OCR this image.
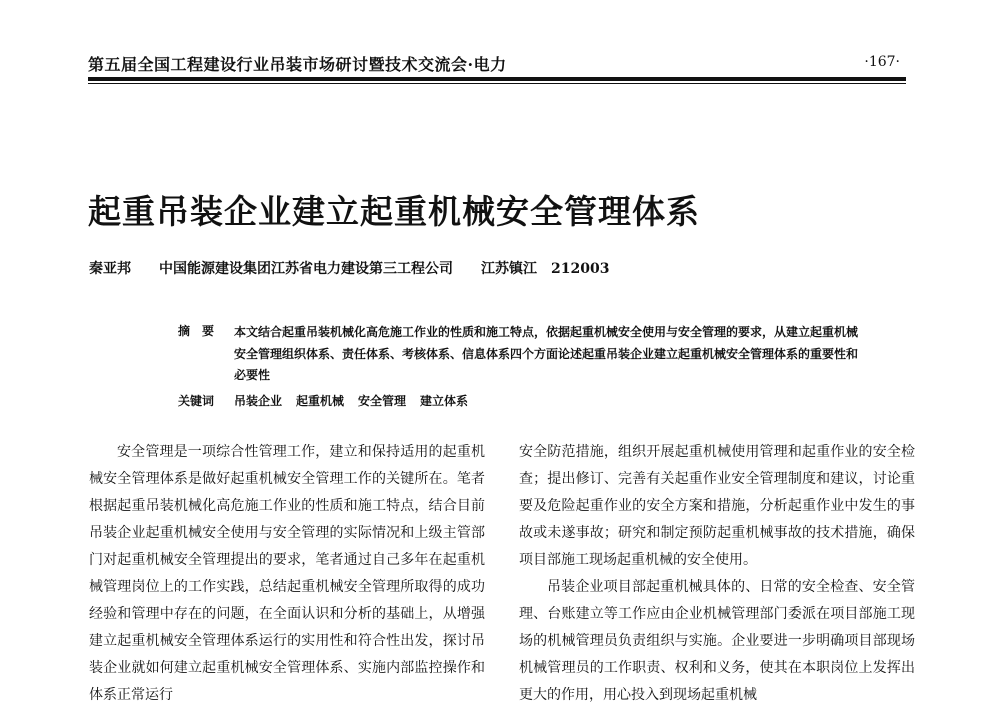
第五届全国工程建设行业吊装市场研讨暨技术交流会·电力	·167·
起重吊装企业建立起重机械安全管理体系
秦亚邦 中国能源建设集团江苏省电力建设第三工程公司 江苏镇江 212003
摘　要	本文结合起重吊装机械化高危施工作业的性质和施工特点，依据起重机械安全使用与安全管理的要求，从建立起重机械安全管理组织体系、责任体系、考核体系、信息体系四个方面论述起重吊装企业建立起重机械安全管理体系的重要性和必要性
关键词 吊装企业 起重机械 安全管理 建立体系

安全管理是一项综合性管理工作，建立和保持适用的起重机械安全管理体系是做好起重机械安全管理工作的关键所在。笔者根据起重吊装机械化高危施工作业的性质和施工特点，结合目前吊装企业起重机械安全使用与安全管理的实际情况和上级主管部门对起重机械安全管理提出的要求，笔者通过自己多年在起重机械管理岗位上的工作实践，总结起重机械安全管理所取得的成功经验和管理中存在的问题，在全面认识和分析的基础上，从增强建立起重机械安全管理体系运行的实用性和符合性出发，探讨吊装企业就如何建立起重机械安全管理体系、实施内部监控操作和体系正常运行

安全防范措施，组织开展起重机械使用管理和起重作业的安全检查；提出修订、完善有关起重作业安全管理制度和建议，讨论重要及危险起重作业的安全方案和措施，分析起重作业中发生的事故或未遂事故；研究和制定预防起重机械事故的技术措施，确保项目部施工现场起重机械的安全使用。

吊装企业项目部起重机械具体的、日常的安全检查、安全管理、台账建立等工作应由企业机械管理部门委派在项目部施工现场的机械管理员负责组织与实施。企业要进一步明确项目部现场机械管理员的工作职责、权利和义务，使其在本职岗位上发挥出更大的作用，用心投入到现场起重机械
